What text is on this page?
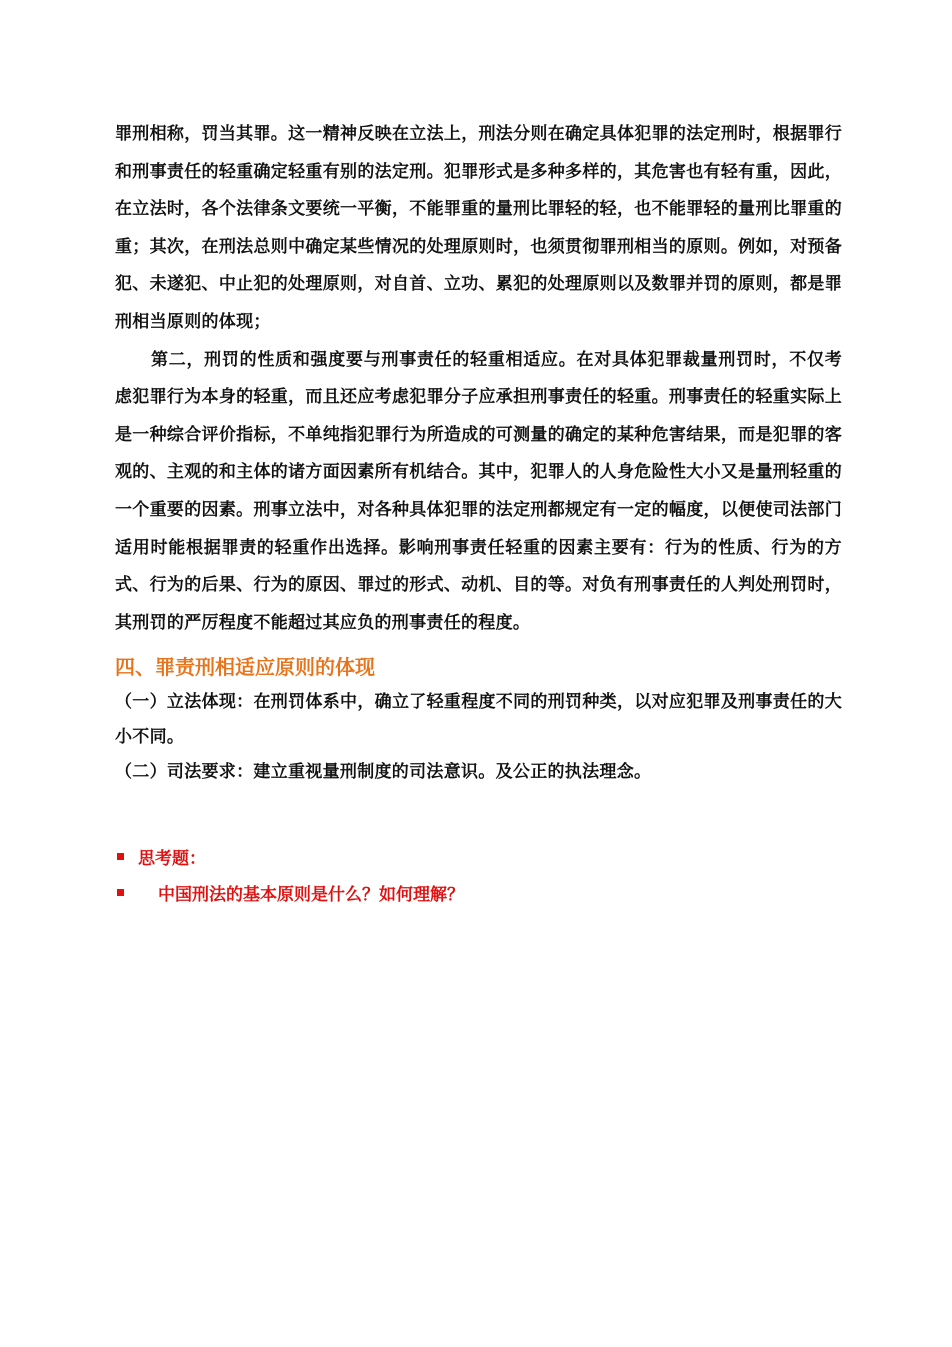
罪刑相称，罚当其罪。这一精神反映在立法上，刑法分则在确定具体犯罪的法定刑时，根据罪行和刑事责任的轻重确定轻重有别的法定刑。犯罪形式是多种多样的，其危害也有轻有重，因此，在立法时，各个法律条文要统一平衡，不能罪重的量刑比罪轻的轻，也不能罪轻的量刑比罪重的重；其次，在刑法总则中确定某些情况的处理原则时，也须贯彻罪刑相当的原则。例如，对预备犯、未遂犯、中止犯的处理原则，对自首、立功、累犯的处理原则以及数罪并罚的原则，都是罪刑相当原则的体现；

第二，刑罚的性质和强度要与刑事责任的轻重相适应。在对具体犯罪裁量刑罚时，不仅考虑犯罪行为本身的轻重，而且还应考虑犯罪分子应承担刑事责任的轻重。刑事责任的轻重实际上是一种综合评价指标，不单纯指犯罪行为所造成的可测量的确定的某种危害结果，而是犯罪的客观的、主观的和主体的诸方面因素所有机结合。其中，犯罪人的人身危险性大小又是量刑轻重的一个重要的因素。刑事立法中，对各种具体犯罪的法定刑都规定有一定的幅度，以便使司法部门适用时能根据罪责的轻重作出选择。影响刑事责任轻重的因素主要有：行为的性质、行为的方式、行为的后果、行为的原因、罪过的形式、动机、目的等。对负有刑事责任的人判处刑罚时，其刑罚的严厉程度不能超过其应负的刑事责任的程度。

四、罪责刑相适应原则的体现

（一）立法体现：在刑罚体系中，确立了轻重程度不同的刑罚种类，以对应犯罪及刑事责任的大小不同。

（二）司法要求：建立重视量刑制度的司法意识。及公正的执法理念。

思考题：
中国刑法的基本原则是什么？如何理解？
